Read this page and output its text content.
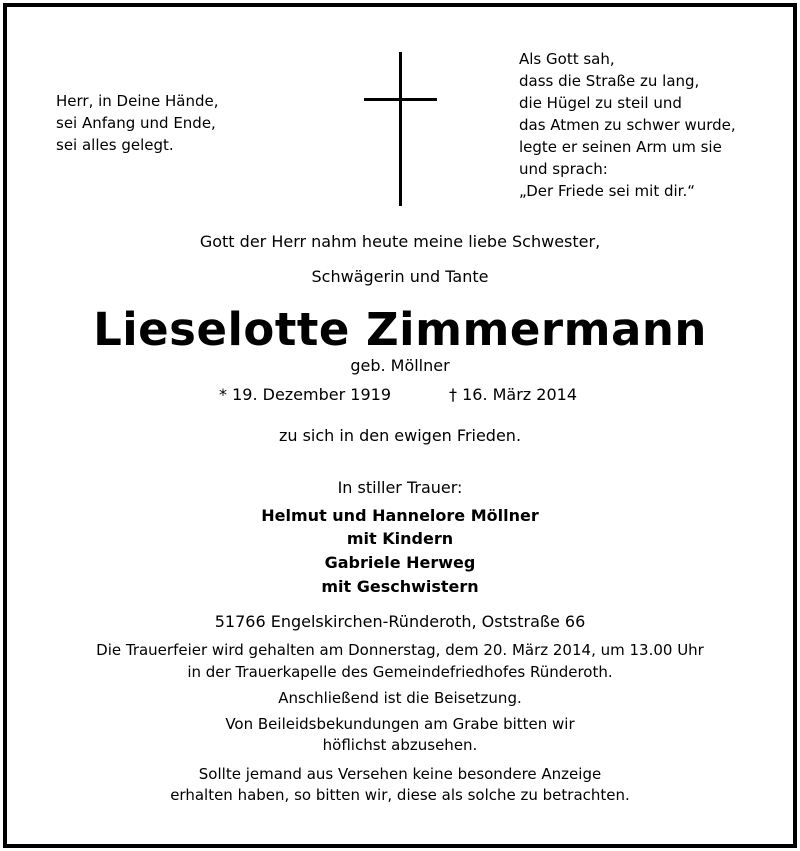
Herr, in Deine Hände,
sei Anfang und Ende,
sei alles gelegt.
Als Gott sah,
dass die Straße zu lang,
die Hügel zu steil und
das Atmen zu schwer wurde,
legte er seinen Arm um sie
und sprach:
„Der Friede sei mit dir.“
Gott der Herr nahm heute meine liebe Schwester,
Schwägerin und Tante
Lieselotte Zimmermann
geb. Möllner
* 19. Dezember 1919	† 16. März 2014
zu sich in den ewigen Frieden.
In stiller Trauer:
Helmut und Hannelore Möllner
mit Kindern
Gabriele Herweg
mit Geschwistern
51766 Engelskirchen-Ründeroth, Oststraße 66
Die Trauerfeier wird gehalten am Donnerstag, dem 20. März 2014, um 13.00 Uhr
in der Trauerkapelle des Gemeindefriedhofes Ründeroth.
Anschließend ist die Beisetzung.
Von Beileidsbekundungen am Grabe bitten wir
höflichst abzusehen.
Sollte jemand aus Versehen keine besondere Anzeige
erhalten haben, so bitten wir, diese als solche zu betrachten.
